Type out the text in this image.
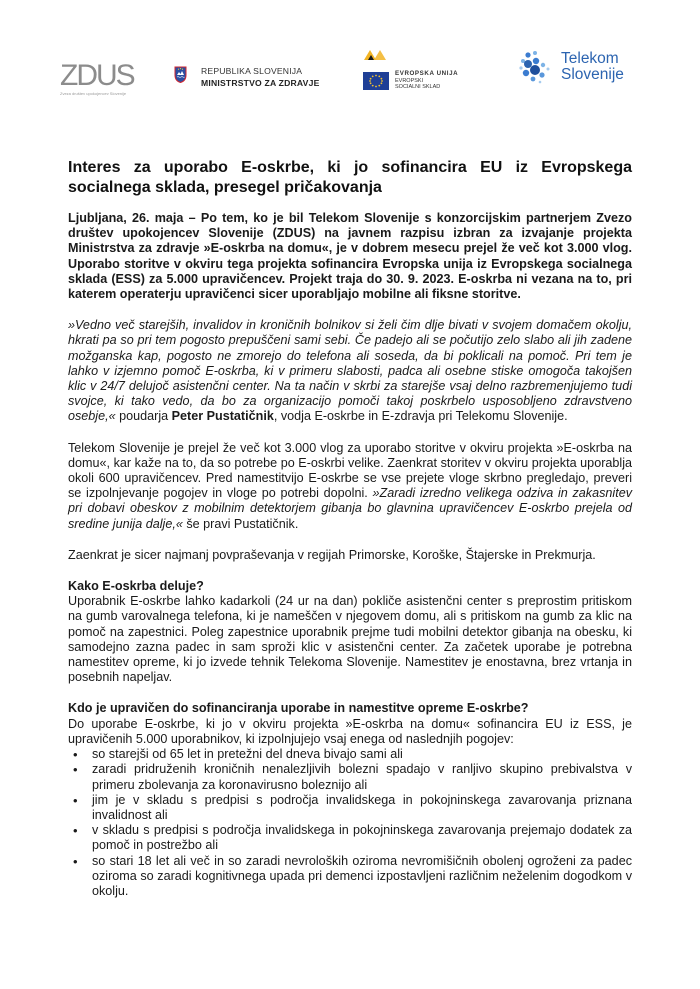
ZDUS
Zveza društev upokojencev Slovenije
REPUBLIKA SLOVENIJA
MINISTRSTVO ZA ZDRAVJE
EVROPSKA UNIJA
EVROPSKI
SOCIALNI SKLAD
Telekom
Slovenije
Interes za uporabo E-oskrbe, ki jo sofinancira EU iz Evropskega socialnega sklada, presegel pričakovanja

Ljubljana, 26. maja – Po tem, ko je bil Telekom Slovenije s konzorcijskim partnerjem Zvezo društev upokojencev Slovenije (ZDUS) na javnem razpisu izbran za izvajanje projekta Ministrstva za zdravje »E-oskrba na domu«, je v dobrem mesecu prejel že več kot 3.000 vlog. Uporabo storitve v okviru tega projekta sofinancira Evropska unija iz Evropskega socialnega sklada (ESS) za 5.000 upravičencev. Projekt traja do 30. 9. 2023. E-oskrba ni vezana na to, pri katerem operaterju upravičenci sicer uporabljajo mobilne ali fiksne storitve.

»Vedno več starejših, invalidov in kroničnih bolnikov si želi čim dlje bivati v svojem domačem okolju, hkrati pa so pri tem pogosto prepuščeni sami sebi. Če padejo ali se počutijo zelo slabo ali jih zadene možganska kap, pogosto ne zmorejo do telefona ali soseda, da bi poklicali na pomoč. Pri tem je lahko v izjemno pomoč E-oskrba, ki v primeru slabosti, padca ali osebne stiske omogoča takojšen klic v 24/7 delujoč asistenčni center. Na ta način v skrbi za starejše vsaj delno razbremenjujemo tudi svojce, ki tako vedo, da bo za organizacijo pomoči takoj poskrbelo usposobljeno zdravstveno osebje,« poudarja Peter Pustatičnik, vodja E-oskrbe in E-zdravja pri Telekomu Slovenije.

Telekom Slovenije je prejel že več kot 3.000 vlog za uporabo storitve v okviru projekta »E-oskrba na domu«, kar kaže na to, da so potrebe po E-oskrbi velike. Zaenkrat storitev v okviru projekta uporablja okoli 600 upravičencev. Pred namestitvijo E-oskrbe se vse prejete vloge skrbno pregledajo, preveri se izpolnjevanje pogojev in vloge po potrebi dopolni. »Zaradi izredno velikega odziva in zakasnitev pri dobavi obeskov z mobilnim detektorjem gibanja bo glavnina upravičencev E-oskrbo prejela od sredine junija dalje,« še pravi Pustatičnik.

Zaenkrat je sicer najmanj povpraševanja v regijah Primorske, Koroške, Štajerske in Prekmurja.

Kako E-oskrba deluje?

Uporabnik E-oskrbe lahko kadarkoli (24 ur na dan) pokliče asistenčni center s preprostim pritiskom na gumb varovalnega telefona, ki je nameščen v njegovem domu, ali s pritiskom na gumb za klic na pomoč na zapestnici. Poleg zapestnice uporabnik prejme tudi mobilni detektor gibanja na obesku, ki samodejno zazna padec in sam sproži klic v asistenčni center. Za začetek uporabe je potrebna namestitev opreme, ki jo izvede tehnik Telekoma Slovenije. Namestitev je enostavna, brez vrtanja in posebnih napeljav.

Kdo je upravičen do sofinanciranja uporabe in namestitve opreme E-oskrbe?

Do uporabe E-oskrbe, ki jo v okviru projekta »E-oskrba na domu« sofinancira EU iz ESS, je upravičenih 5.000 uporabnikov, ki izpolnjujejo vsaj enega od naslednjih pogojev:

• so starejši od 65 let in pretežni del dneva bivajo sami ali
• zaradi pridruženih kroničnih nenalezljivih bolezni spadajo v ranljivo skupino prebivalstva v primeru zbolevanja za koronavirusno boleznijo ali
• jim je v skladu s predpisi s področja invalidskega in pokojninskega zavarovanja priznana invalidnost ali
• v skladu s predpisi s področja invalidskega in pokojninskega zavarovanja prejemajo dodatek za pomoč in postrežbo ali
• so stari 18 let ali več in so zaradi nevroloških oziroma nevromišičnih obolenj ogroženi za padec oziroma so zaradi kognitivnega upada pri demenci izpostavljeni različnim neželenim dogodkom v okolju.
